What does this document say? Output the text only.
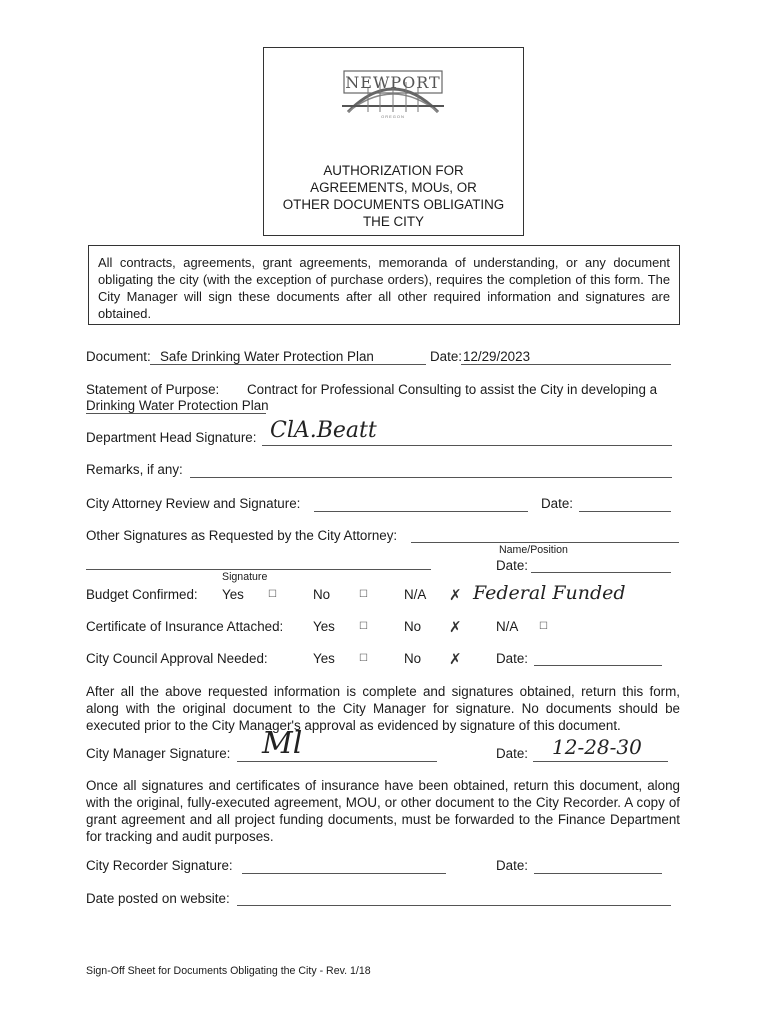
NEWPORT
OREGON
AUTHORIZATION FOR
AGREEMENTS, MOUs, OR
OTHER DOCUMENTS OBLIGATING
THE CITY
All contracts, agreements, grant agreements, memoranda of understanding, or any document obligating the city (with the exception of purchase orders), requires the completion of this form. The City Manager will sign these documents after all other required information and signatures are obtained.
Document: Safe Drinking Water Protection Plan	Date: 12/29/2023
Statement of Purpose: Contract for Professional Consulting to assist the City in developing a
Drinking Water Protection Plan
Department Head Signature: ClA.Beatt
Remarks, if any:
City Attorney Review and Signature:	Date:
Other Signatures as Requested by the City Attorney:
Name/Position
Date:
Signature
Budget Confirmed: Yes ☐	No	☐	N/A ✗ Federal Funded
Certificate of Insurance Attached: Yes ☐	No ✗	N/A ☐
City Council Approval Needed:	Yes ☐	No ✗	Date:
After all the above requested information is complete and signatures obtained, return this form, along with the original document to the City Manager for signature. No documents should be executed prior to the City Manager's approval as evidenced by signature of this document.
City Manager Signature: Ml	Date: 12-28-30
Once all signatures and certificates of insurance have been obtained, return this document, along with the original, fully-executed agreement, MOU, or other document to the City Recorder. A copy of grant agreement and all project funding documents, must be forwarded to the Finance Department for tracking and audit purposes.
City Recorder Signature:	Date:
Date posted on website:
Sign-Off Sheet for Documents Obligating the City - Rev. 1/18
